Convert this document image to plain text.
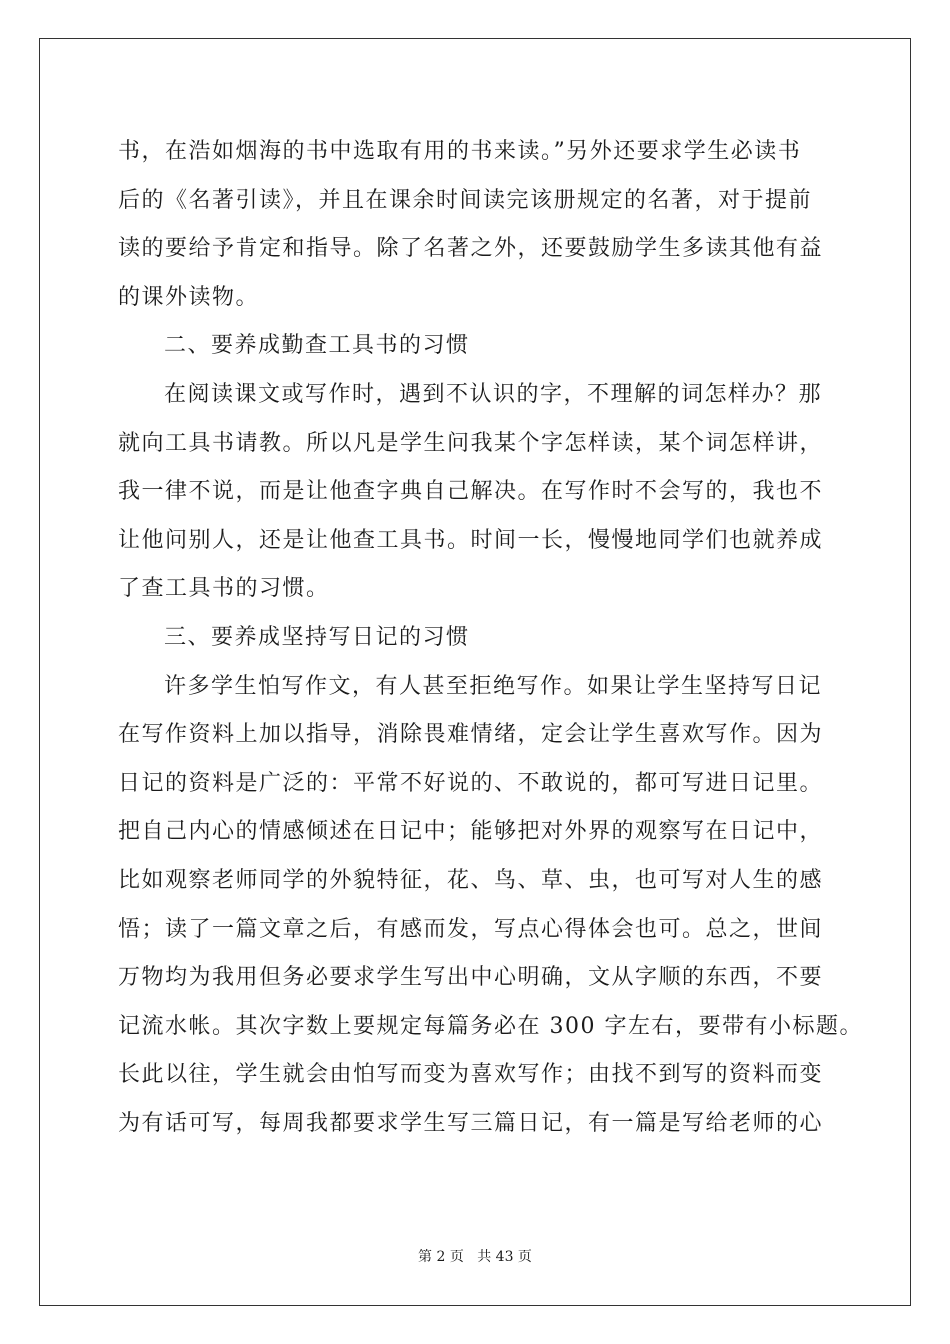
书，在浩如烟海的书中选取有用的书来读。”另外还要求学生必读书
后的《名著引读》，并且在课余时间读完该册规定的名著，对于提前
读的要给予肯定和指导。除了名著之外，还要鼓励学生多读其他有益
的课外读物。
二、要养成勤查工具书的习惯
在阅读课文或写作时，遇到不认识的字，不理解的词怎样办？那
就向工具书请教。所以凡是学生问我某个字怎样读，某个词怎样讲，
我一律不说，而是让他查字典自己解决。在写作时不会写的，我也不
让他问别人，还是让他查工具书。时间一长，慢慢地同学们也就养成
了查工具书的习惯。
三、要养成坚持写日记的习惯
许多学生怕写作文，有人甚至拒绝写作。如果让学生坚持写日记
在写作资料上加以指导，消除畏难情绪，定会让学生喜欢写作。因为
日记的资料是广泛的：平常不好说的、不敢说的，都可写进日记里。
把自己内心的情感倾述在日记中；能够把对外界的观察写在日记中，
比如观察老师同学的外貌特征，花、鸟、草、虫，也可写对人生的感
悟；读了一篇文章之后，有感而发，写点心得体会也可。总之，世间
万物均为我用但务必要求学生写出中心明确，文从字顺的东西，不要
记流水帐。其次字数上要规定每篇务必在 300 字左右，要带有小标题。
长此以往，学生就会由怕写而变为喜欢写作；由找不到写的资料而变
为有话可写，每周我都要求学生写三篇日记，有一篇是写给老师的心
第 2 页 共 43 页
